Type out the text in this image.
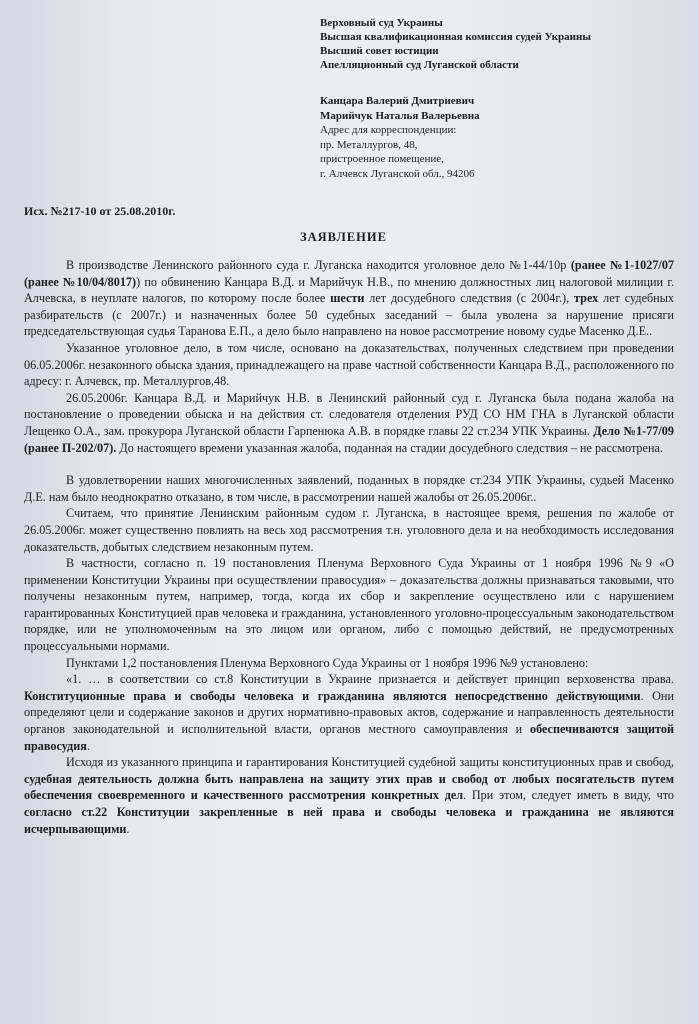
Верховный суд Украины
Высшая квалификационная комиссия судей Украины
Высший совет юстиции
Апелляционный суд Луганской области
Канцара Валерий Дмитриевич
Марийчук Наталья Валерьевна
Адрес для корреспонденции:
пр. Металлургов, 48,
пристроенное помещение,
г. Алчевск Луганской обл., 94206
Исх. №217-10 от 25.08.2010г.
ЗАЯВЛЕНИЕ

В производстве Ленинского районного суда г. Луганска находится уголовное дело №1-44/10р (ранее №1-1027/07 (ранее №10/04/8017)) по обвинению Канцара В.Д. и Марийчук Н.В., по мнению должностных лиц налоговой милиции г. Алчевска, в неуплате налогов, по которому после более шести лет досудебного следствия (с 2004г.), трех лет судебных разбирательств (с 2007г.) и назначенных более 50 судебных заседаний – была уволена за нарушение присяги председательствующая судья Таранова Е.П., а дело было направлено на новое рассмотрение новому судье Масенко Д.Е..

Указанное уголовное дело, в том числе, основано на доказательствах, полученных следствием при проведении 06.05.2006г. незаконного обыска здания, принадлежащего на праве частной собственности Канцара В.Д., расположенного по адресу: г. Алчевск, пр. Металлургов,48.

26.05.2006г. Канцара В.Д. и Марийчук Н.В. в Ленинский районный суд г. Луганска была подана жалоба на постановление о проведении обыска и на действия ст. следователя отделения РУД СО НМ ГНА в Луганской области Лещенко О.А., зам. прокурора Луганской области Гарпенюка А.В. в порядке главы 22 ст.234 УПК Украины. Дело №1-77/09 (ранее П-202/07). До настоящего времени указанная жалоба, поданная на стадии досудебного следствия – не рассмотрена.

В удовлетворении наших многочисленных заявлений, поданных в порядке ст.234 УПК Украины, судьей Масенко Д.Е. нам было неоднократно отказано, в том числе, в рассмотрении нашей жалобы от 26.05.2006г..

Считаем, что принятие Ленинским районным судом г. Луганска, в настоящее время, решения по жалобе от 26.05.2006г. может существенно повлиять на весь ход рассмотрения т.н. уголовного дела и на необходимость исследования доказательств, добытых следствием незаконным путем.

В частности, согласно п. 19 постановления Пленума Верховного Суда Украины от 1 ноября 1996 №9 «О применении Конституции Украины при осуществлении правосудия» – доказательства должны признаваться таковыми, что получены незаконным путем, например, тогда, когда их сбор и закрепление осуществлено или с нарушением гарантированных Конституцией прав человека и гражданина, установленного уголовно-процессуальным законодательством порядке, или не уполномоченным на это лицом или органом, либо с помощью действий, не предусмотренных процессуальными нормами.

Пунктами 1,2 постановления Пленума Верховного Суда Украины от 1 ноября 1996 №9 установлено:

«1. … в соответствии со ст.8 Конституции в Украине признается и действует принцип верховенства права. Конституционные права и свободы человека и гражданина являются непосредственно действующими. Они определяют цели и содержание законов и других нормативно-правовых актов, содержание и направленность деятельности органов законодательной и исполнительной власти, органов местного самоуправления и обеспечиваются защитой правосудия.

Исходя из указанного принципа и гарантирования Конституцией судебной защиты конституционных прав и свобод, судебная деятельность должна быть направлена на защиту этих прав и свобод от любых посягательств путем обеспечения своевременного и качественного рассмотрения конкретных дел. При этом, следует иметь в виду, что согласно ст.22 Конституции закрепленные в ней права и свободы человека и гражданина не являются исчерпывающими.
